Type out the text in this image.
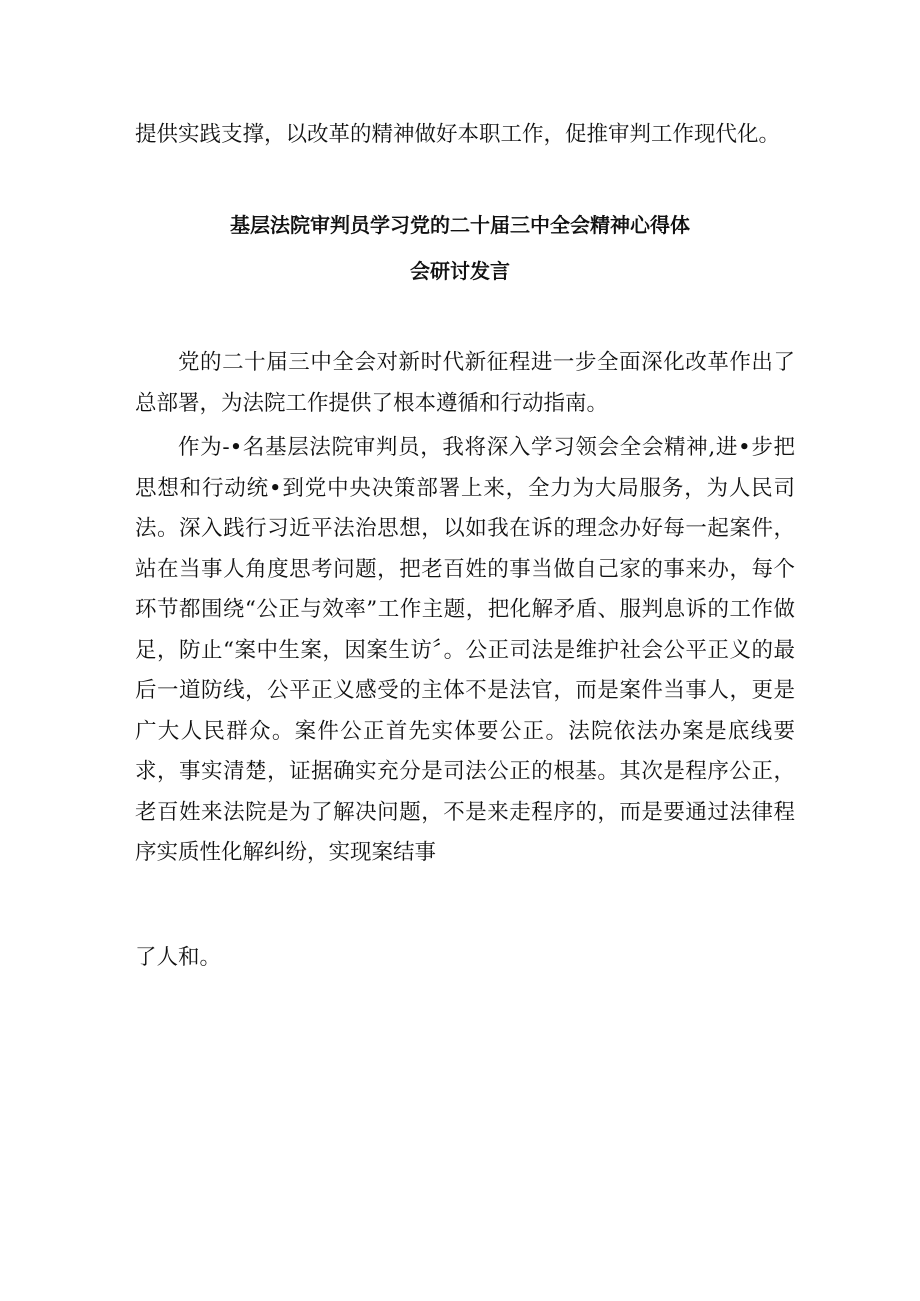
提供实践支撑，以改革的精神做好本职工作，促推审判工作现代化。
基层法院审判员学习党的二十届三中全会精神心得体
会研讨发言
党的二十届三中全会对新时代新征程进一步全面深化改革作出了总部署，为法院工作提供了根本遵循和行动指南。
作为-•名基层法院审判员，我将深入学习领会全会精神,进•步把思想和行动统•到党中央决策部署上来，全力为大局服务，为人民司法。深入践行习近平法治思想，以如我在诉的理念办好每一起案件，站在当事人角度思考问题，把老百姓的事当做自己家的事来办，每个环节都围绕“公正与效率”工作主题，把化解矛盾、服判息诉的工作做足，防止“案中生案，因案生访〞。公正司法是维护社会公平正义的最后一道防线，公平正义感受的主体不是法官，而是案件当事人，更是广大人民群众。案件公正首先实体要公正。法院依法办案是底线要求，事实清楚，证据确实充分是司法公正的根基。其次是程序公正，老百姓来法院是为了解决问题，不是来走程序的，而是要通过法律程序实质性化解纠纷，实现案结事
了人和。
